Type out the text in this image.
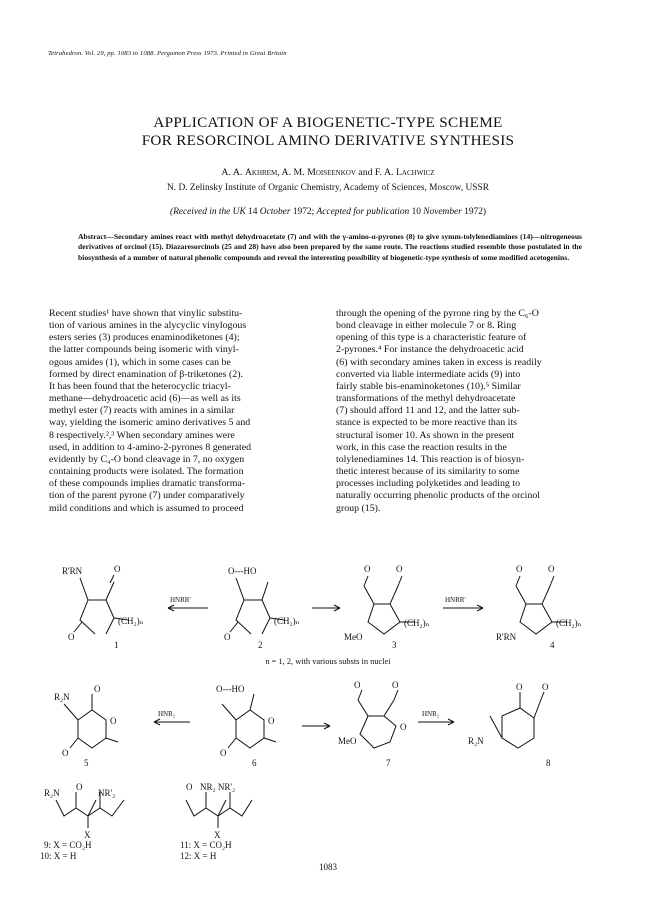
Tetrahedron. Vol. 29, pp. 1083 to 1088. Pergamon Press 1973. Printed in Great Britain
APPLICATION OF A BIOGENETIC-TYPE SCHEME
FOR RESORCINOL AMINO DERIVATIVE SYNTHESIS
A. A. Akhrem, A. M. Moiseenkov and F. A. Lachwicz
N. D. Zelinsky Institute of Organic Chemistry, Academy of Sciences, Moscow, USSR
(Received in the UK 14 October 1972; Accepted for publication 10 November 1972)
Abstract—Secondary amines react with methyl dehydroacetate (7) and with the γ-amino-α-pyrones (8) to give symm-tolylenediamines (14)—nitrogeneous derivatives of orcinol (15). Diazaresorcinols (25 and 28) have also been prepared by the same route. The reactions studied resemble those postulated in the biosynthesis of a number of natural phenolic compounds and reveal the interesting possibility of biogenetic-type synthesis of some modified acetogenins.
Recent studies¹ have shown that vinylic substitu-
tion of various amines in the alycyclic vinylogous
esters series (3) produces enaminodiketones (4);
the latter compounds being isomeric with vinyl-
ogous amides (1), which in some cases can be
formed by direct enamination of β-triketones (2).
It has been found that the heterocyclic triacyl-
methane—dehydroacetic acid (6)—as well as its
methyl ester (7) reacts with amines in a similar
way, yielding the isomeric amino derivatives 5 and
8 respectively.²,³ When secondary amines were
used, in addition to 4-amino-2-pyrones 8 generated
evidently by C₄-O bond cleavage in 7, no oxygen
containing products were isolated. The formation
of these compounds implies dramatic transforma-
tion of the parent pyrone (7) under comparatively
mild conditions and which is assumed to proceed
through the opening of the pyrone ring by the C₆-O
bond cleavage in either molecule 7 or 8. Ring
opening of this type is a characteristic feature of
2-pyrones.⁴ For instance the dehydroacetic acid
(6) with secondary amines taken in excess is readily
converted via liable intermediate acids (9) into
fairly stable bis-enaminoketones (10).⁵ Similar
transformations of the methyl dehydroacetate
(7) should afford 11 and 12, and the latter sub-
stance is expected to be more reactive than its
structural isomer 10. As shown in the present
work, in this case the reaction results in the
tolylenediamines 14. This reaction is of biosyn-
thetic interest because of its similarity to some
processes including polyketides and leading to
naturally occurring phenolic products of the orcinol
group (15).
R'RN	O
O
(CH₂)ₙ
1
HNRR'
O---HO
O
(CH₂)ₙ
2
O	O
MeO
(CH₂)ₙ
3
HNRR'
O	O
R'RN
(CH₂)ₙ
4
n = 1, 2, with various substs in nuclei
R₂N
O
O
O
5
HNR₂
O---HO
O
O
6
O	O
O
MeO
7
HNR₂
O O
R₂N
8
R₂N
O
NR'₂
X
O NR₂ NR'₂
X
9: X = CO₂H
10: X = H
11: X = CO₂H
12: X = H
1083
